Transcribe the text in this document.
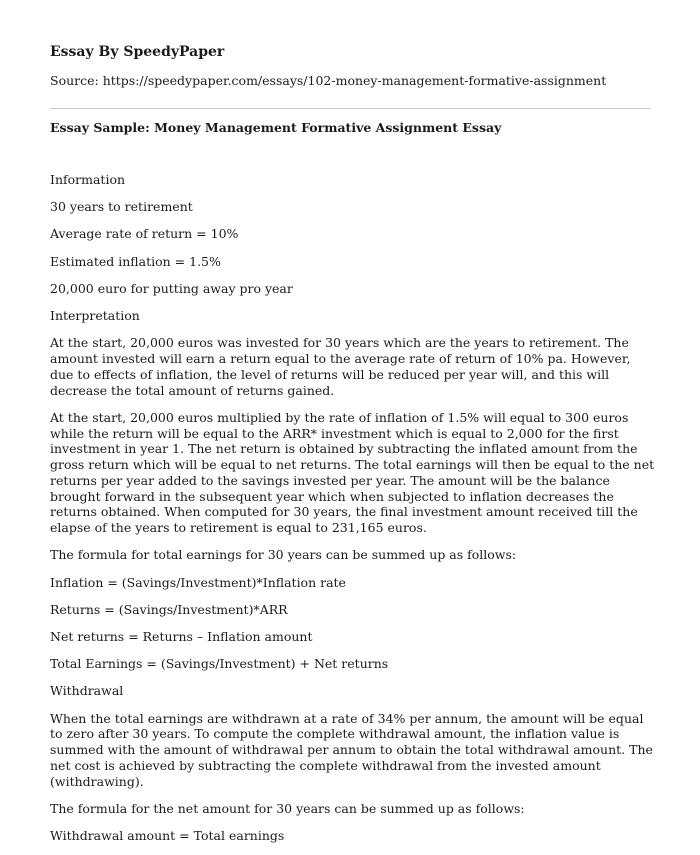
Essay By SpeedyPaper

Source: https://speedypaper.com/essays/102-money-management-formative-assignment

Essay Sample: Money Management Formative Assignment Essay

Information

30 years to retirement

Average rate of return = 10%

Estimated inflation = 1.5%

20,000 euro for putting away pro year

Interpretation

At the start, 20,000 euros was invested for 30 years which are the years to retirement. The amount invested will earn a return equal to the average rate of return of 10% pa. However, due to effects of inflation, the level of returns will be reduced per year will, and this will decrease the total amount of returns gained.

At the start, 20,000 euros multiplied by the rate of inflation of 1.5% will equal to 300 euros while the return will be equal to the ARR* investment which is equal to 2,000 for the first investment in year 1. The net return is obtained by subtracting the inflated amount from the gross return which will be equal to net returns. The total earnings will then be equal to the net returns per year added to the savings invested per year. The amount will be the balance brought forward in the subsequent year which when subjected to inflation decreases the returns obtained. When computed for 30 years, the final investment amount received till the elapse of the years to retirement is equal to 231,165 euros.

The formula for total earnings for 30 years can be summed up as follows:

Inflation = (Savings/Investment)*Inflation rate

Returns = (Savings/Investment)*ARR

Net returns = Returns – Inflation amount

Total Earnings = (Savings/Investment) + Net returns

Withdrawal

When the total earnings are withdrawn at a rate of 34% per annum, the amount will be equal to zero after 30 years. To compute the complete withdrawal amount, the inflation value is summed with the amount of withdrawal per annum to obtain the total withdrawal amount. The net cost is achieved by subtracting the complete withdrawal from the invested amount (withdrawing).

The formula for the net amount for 30 years can be summed up as follows:

Withdrawal amount = Total earnings
